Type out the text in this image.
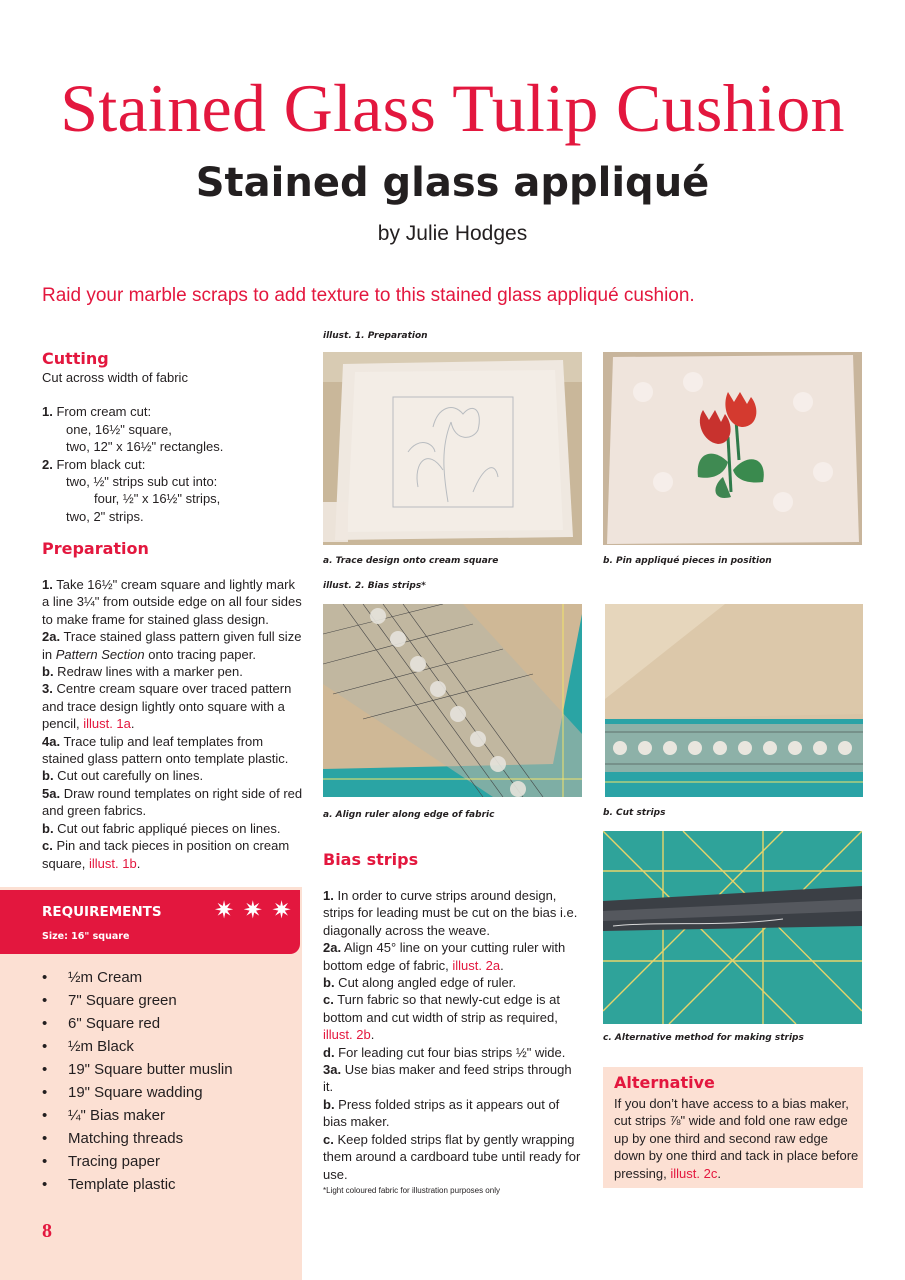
Stained Glass Tulip Cushion
Stained glass appliqué
by Julie Hodges
Raid your marble scraps to add texture to this stained glass appliqué cushion.
Cutting
Cut across width of fabric
1. From cream cut:
one, 16½" square,
two, 12" x 16½" rectangles.
2. From black cut:
two, ½" strips sub cut into:
four, ½" x 16½" strips,
two, 2" strips.
Preparation
1. Take 16½" cream square and lightly mark a line 3¼" from outside edge on all four sides to make frame for stained glass design.
2a. Trace stained glass pattern given full size in Pattern Section onto tracing paper.
b. Redraw lines with a marker pen.
3. Centre cream square over traced pattern and trace design lightly onto square with a pencil, illust. 1a.
4a. Trace tulip and leaf templates from stained glass pattern onto template plastic.
b. Cut out carefully on lines.
5a. Draw round templates on right side of red and green fabrics.
b. Cut out fabric appliqué pieces on lines.
c. Pin and tack pieces in position on cream square, illust. 1b.
REQUIREMENTS ✷ ✷ ✷
Size: 16" square
• ½m Cream
• 7" Square green
• 6" Square red
• ½m Black
• 19" Square butter muslin
• 19" Square wadding
• ¼" Bias maker
• Matching threads
• Tracing paper
• Template plastic
8
illust. 1. Preparation
a. Trace design onto cream square	b. Pin appliqué pieces in position
illust. 2. Bias strips*
a. Align ruler along edge of fabric	b. Cut strips
c. Alternative method for making strips
Bias strips
1. In order to curve strips around design, strips for leading must be cut on the bias i.e. diagonally across the weave.
2a. Align 45° line on your cutting ruler with bottom edge of fabric, illust. 2a.
b. Cut along angled edge of ruler.
c. Turn fabric so that newly-cut edge is at bottom and cut width of strip as required, illust. 2b.
d. For leading cut four bias strips ½" wide.
3a. Use bias maker and feed strips through it.
b. Press folded strips as it appears out of bias maker.
c. Keep folded strips flat by gently wrapping them around a cardboard tube until ready for use.
*Light coloured fabric for illustration purposes only
Alternative
If you don’t have access to a bias maker, cut strips ⅞" wide and fold one raw edge up by one third and second raw edge down by one third and tack in place before pressing, illust. 2c.
